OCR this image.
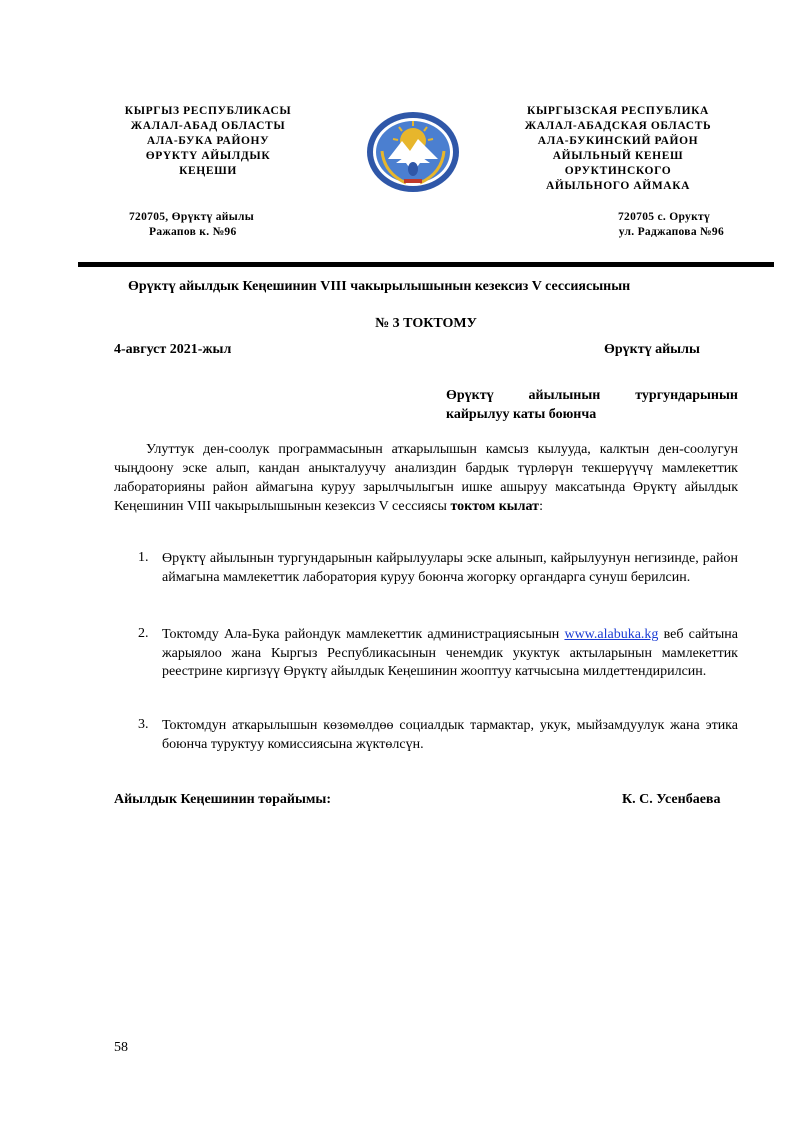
КЫРГЫЗ РЕСПУБЛИКАСЫ
ЖАЛАЛ-АБАД ОБЛАСТЫ
АЛА-БУКА РАЙОНУ
ӨРҮКТҮ АЙЫЛДЫК
КЕҢЕШИ
КЫРГЫЗСКАЯ РЕСПУБЛИКА
ЖАЛАЛ-АБАДСКАЯ ОБЛАСТЬ
АЛА-БУКИНСКИЙ РАЙОН
АЙЫЛЬНЫЙ КЕНЕШ
ОРУКТИНСКОГО
АЙЫЛЬНОГО АЙМАКА
720705, Өрүктү айылы
Ражапов к. №96
720705 с. Оруктү
ул. Раджапова №96
Өрүктү айылдык Кеңешинин VIII чакырылышынын кезексиз V сессиясынын
№ 3 ТОКТОМУ
4-август 2021-жыл	Өрүктү айылы
Өрүктү айылынын тургундарынын
кайрылуу каты боюнча
Улуттук ден-соолук программасынын аткарылышын камсыз кылууда, калктын ден-соолугун чыңдоону эске алып, кандан аныкталуучу анализдин бардык түрлөрүн текшерүүчү мамлекеттик лабораторияны район аймагына куруу зарылчылыгын ишке ашыруу максатында Өрүктү айылдык Кеңешинин VIII чакырылышынын кезексиз V сессиясы токтом кылат:
1. Өрүктү айылынын тургундарынын кайрылуулары эске алынып, кайрылуунун негизинде, район аймагына мамлекеттик лаборатория куруу боюнча жогорку органдарга сунуш берилсин.
2. Токтомду Ала-Бука райондук мамлекеттик администрациясынын www.alabuka.kg веб сайтына жарыялоо жана Кыргыз Республикасынын ченемдик укуктук актыларынын мамлекеттик реестрине киргизүү Өрүктү айылдык Кеңешинин жооптуу катчысына милдеттендирилсин.
3. Токтомдун аткарылышын көзөмөлдөө социалдык тармактар, укук, мыйзамдуулук жана этика боюнча туруктуу комиссиясына жүктөлсүн.
Айылдык Кеңешинин төрайымы:	К. С. Усенбаева
58
